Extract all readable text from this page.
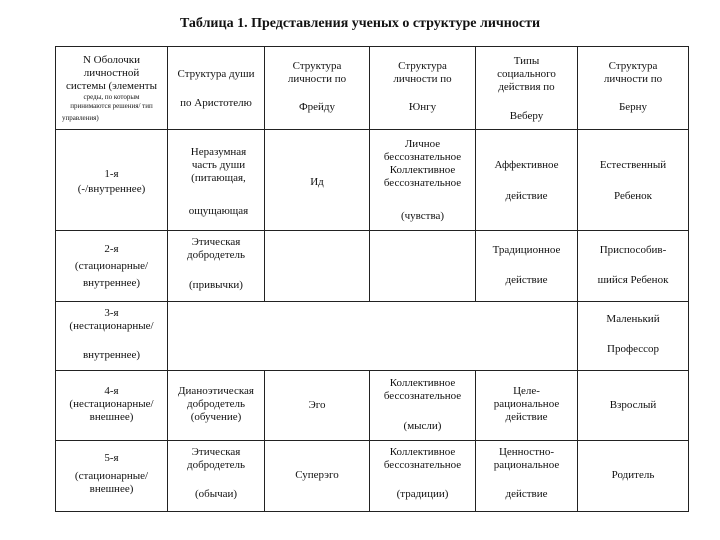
Таблица 1. Представления ученых о структуре личности
N Оболочки
личностной
системы (элементы
среды, по которым
принимаются решения/ тип
управления)
Структура души
по Аристотелю
Структура
личности по
Фрейду
Структура
личности по
Юнгу
Типы
социального
действия по
Веберу
Структура
личности по
Берну
1-я
(-/внутреннее)
Неразумная
часть души
(питающая,
ощущающая
Ид
Личное
бессознательное
Коллективное
бессознательное
(чувства)
Аффективное
действие
Естественный
Ребенок
2-я
(стационарные/
внутреннее)
Этическая
добродетель
(привычки)
Традиционное
действие
Приспособив-
шийся Ребенок
3-я
(нестационарные/
внутреннее)
Маленький
Профессор
4-я
(нестационарные/
внешнее)
Дианоэтическая
добродетель
(обучение)
Эго
Коллективное
бессознательное
(мысли)
Целе-
рациональное
действие
Взрослый
5-я
(стационарные/
внешнее)
Этическая
добродетель
(обычаи)
Суперэго
Коллективное
бессознательное
(традиции)
Ценностно-
рациональное
действие
Родитель
